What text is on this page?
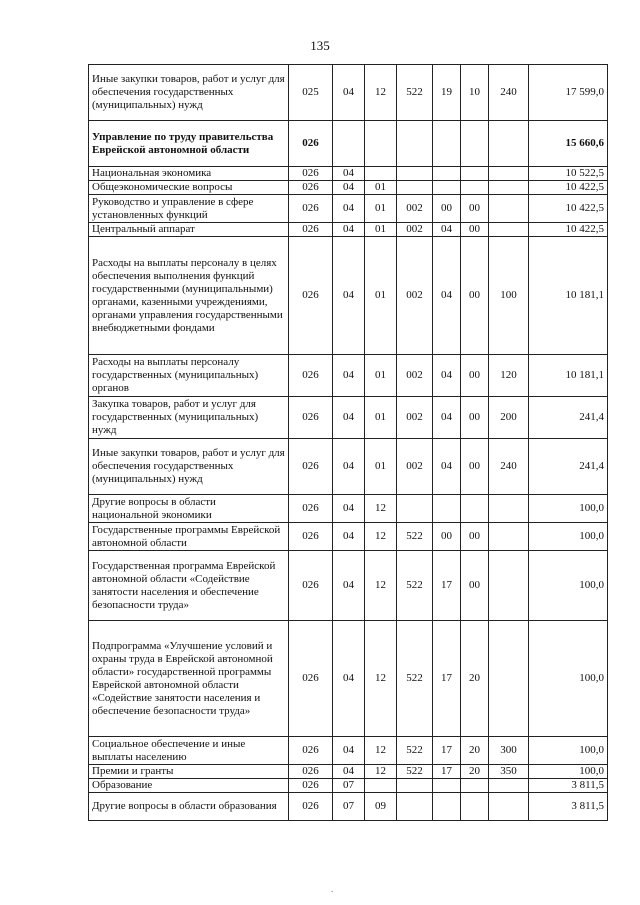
135
Иные закупки товаров, работ и услуг для обеспечения государственных (муниципальных) нужд	025	04	12	522	19	10	240	17 599,0
Управление по труду правительства Еврейской автономной области	026							15 660,6
Национальная экономика	026	04						10 522,5
Общеэкономические вопросы	026	04	01					10 422,5
Руководство и управление в сфере установленных функций	026	04	01	002	00	00		10 422,5
Центральный аппарат	026	04	01	002	04	00		10 422,5
Расходы на выплаты персоналу в целях обеспечения выполнения функций государственными (муниципальными) органами, казенными учреждениями, органами управления государственными внебюджетными фондами	026	04	01	002	04	00	100	10 181,1
Расходы на выплаты персоналу государственных (муниципальных) органов	026	04	01	002	04	00	120	10 181,1
Закупка товаров, работ и услуг для государственных (муниципальных) нужд	026	04	01	002	04	00	200	241,4
Иные закупки товаров, работ и услуг для обеспечения государственных (муниципальных) нужд	026	04	01	002	04	00	240	241,4
Другие вопросы в области национальной экономики	026	04	12					100,0
Государственные программы Еврейской автономной области	026	04	12	522	00	00		100,0
Государственная программа Еврейской автономной области «Содействие занятости населения и обеспечение безопасности труда»	026	04	12	522	17	00		100,0
Подпрограмма «Улучшение условий и охраны труда в Еврейской автономной области» государственной программы Еврейской автономной области «Содействие занятости населения и обеспечение безопасности труда»	026	04	12	522	17	20		100,0
Социальное обеспечение и иные выплаты населению	026	04	12	522	17	20	300	100,0
Премии и гранты	026	04	12	522	17	20	350	100,0
Образование	026	07						3 811,5
Другие вопросы в области образования	026	07	09					3 811,5
.
